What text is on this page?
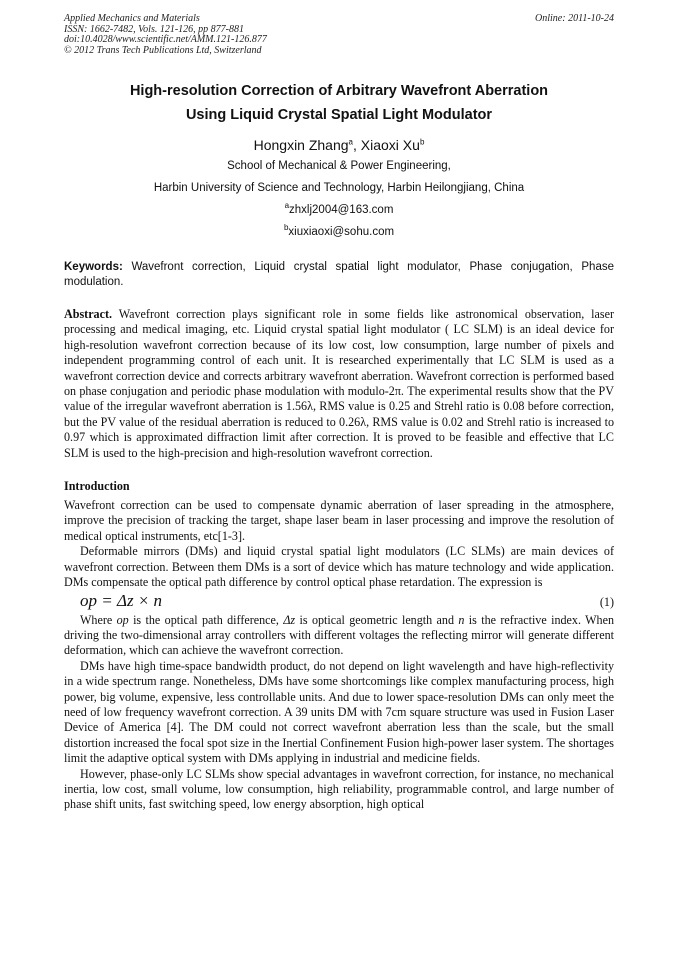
Applied Mechanics and Materials
ISSN: 1662-7482, Vols. 121-126, pp 877-881
doi:10.4028/www.scientific.net/AMM.121-126.877
© 2012 Trans Tech Publications Ltd, Switzerland
Online: 2011-10-24
High-resolution Correction of Arbitrary Wavefront Aberration
Using Liquid Crystal Spatial Light Modulator
Hongxin Zhang$^a$, Xiaoxi Xu$^b$
School of Mechanical & Power Engineering,
Harbin University of Science and Technology, Harbin Heilongjiang, China
$^a$zhxlj2004@163.com
$^b$xiuxiaoxi@sohu.com
Keywords: Wavefront correction, Liquid crystal spatial light modulator, Phase conjugation, Phase modulation.
Abstract. Wavefront correction plays significant role in some fields like astronomical observation, laser processing and medical imaging, etc. Liquid crystal spatial light modulator ( LC SLM) is an ideal device for high-resolution wavefront correction because of its low cost, low consumption, large number of pixels and independent programming control of each unit. It is researched experimentally that LC SLM is used as a wavefront correction device and corrects arbitrary wavefront aberration. Wavefront correction is performed based on phase conjugation and periodic phase modulation with modulo-2π. The experimental results show that the PV value of the irregular wavefront aberration is 1.56λ, RMS value is 0.25 and Strehl ratio is 0.08 before correction, but the PV value of the residual aberration is reduced to 0.26λ, RMS value is 0.02 and Strehl ratio is increased to 0.97 which is approximated diffraction limit after correction. It is proved to be feasible and effective that LC SLM is used to the high-precision and high-resolution wavefront correction.
Introduction

Wavefront correction can be used to compensate dynamic aberration of laser spreading in the atmosphere, improve the precision of tracking the target, shape laser beam in laser processing and improve the resolution of medical optical instruments, etc[1-3].

Deformable mirrors (DMs) and liquid crystal spatial light modulators (LC SLMs) are main devices of wavefront correction. Between them DMs is a sort of device which has mature technology and wide application. DMs compensate the optical path difference by control optical phase retardation. The expression is

op = Δz × n	(1)

Where op is the optical path difference, Δz is optical geometric length and n is the refractive index. When driving the two-dimensional array controllers with different voltages the reflecting mirror will generate different deformation, which can achieve the wavefront correction.

DMs have high time-space bandwidth product, do not depend on light wavelength and have high-reflectivity in a wide spectrum range. Nonetheless, DMs have some shortcomings like complex manufacturing process, high power, big volume, expensive, less controllable units. And due to lower space-resolution DMs can only meet the need of low frequency wavefront correction. A 39 units DM with 7cm square structure was used in Fusion Laser Device of America [4]. The DM could not correct wavefront aberration less than the scale, but the small distortion increased the focal spot size in the Inertial Confinement Fusion high-power laser system. The shortages limit the adaptive optical system with DMs applying in industrial and medicine fields.

However, phase-only LC SLMs show special advantages in wavefront correction, for instance, no mechanical inertia, low cost, small volume, low consumption, high reliability, programmable control, and large number of phase shift units, fast switching speed, low energy absorption, high optical
